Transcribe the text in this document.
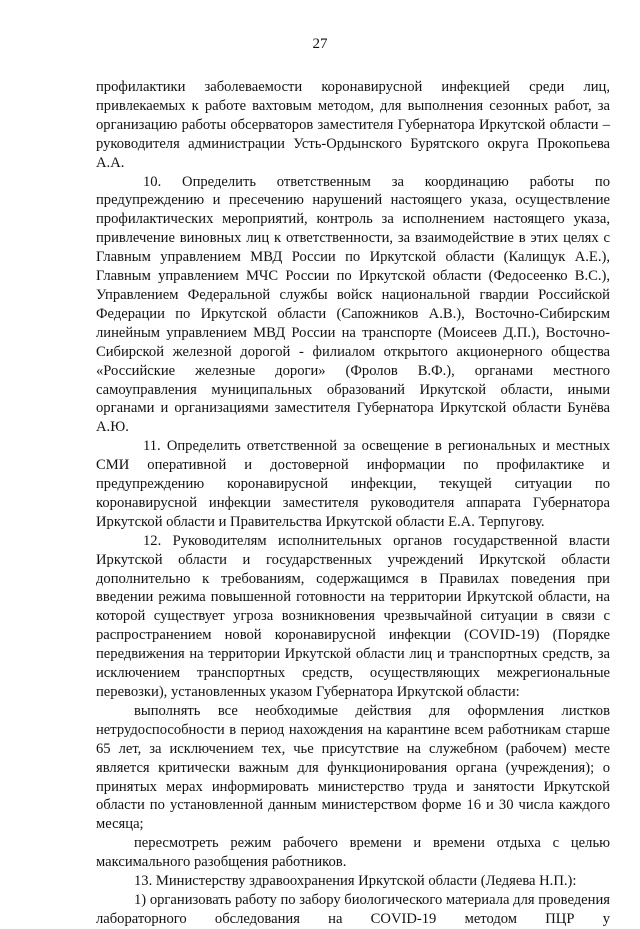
27

профилактики заболеваемости коронавирусной инфекцией среди лиц, привлекаемых к работе вахтовым методом, для выполнения сезонных работ, за организацию работы обсерваторов заместителя Губернатора Иркутской области – руководителя администрации Усть-Ордынского Бурятского округа Прокопьева А.А.

10. Определить ответственным за координацию работы по предупреждению и пресечению нарушений настоящего указа, осуществление профилактических мероприятий, контроль за исполнением настоящего указа, привлечение виновных лиц к ответственности, за взаимодействие в этих целях с Главным управлением МВД России по Иркутской области (Калищук А.Е.), Главным управлением МЧС России по Иркутской области (Федосеенко В.С.), Управлением Федеральной службы войск национальной гвардии Российской Федерации по Иркутской области (Сапожников А.В.), Восточно-Сибирским линейным управлением МВД России на транспорте (Моисеев Д.П.), Восточно-Сибирской железной дорогой - филиалом открытого акционерного общества «Российские железные дороги» (Фролов В.Ф.), органами местного самоуправления муниципальных образований Иркутской области, иными органами и организациями заместителя Губернатора Иркутской области Бунёва А.Ю.

11. Определить ответственной за освещение в региональных и местных СМИ оперативной и достоверной информации по профилактике и предупреждению коронавирусной инфекции, текущей ситуации по коронавирусной инфекции заместителя руководителя аппарата Губернатора Иркутской области и Правительства Иркутской области Е.А. Терпугову.

12. Руководителям исполнительных органов государственной власти Иркутской области и государственных учреждений Иркутской области дополнительно к требованиям, содержащимся в Правилах поведения при введении режима повышенной готовности на территории Иркутской области, на которой существует угроза возникновения чрезвычайной ситуации в связи с распространением новой коронавирусной инфекции (COVID-19) (Порядке передвижения на территории Иркутской области лиц и транспортных средств, за исключением транспортных средств, осуществляющих межрегиональные перевозки), установленных указом Губернатора Иркутской области:

выполнять все необходимые действия для оформления листков нетрудоспособности в период нахождения на карантине всем работникам старше 65 лет, за исключением тех, чье присутствие на служебном (рабочем) месте является критически важным для функционирования органа (учреждения); о принятых мерах информировать министерство труда и занятости Иркутской области по установленной данным министерством форме 16 и 30 числа каждого месяца;

пересмотреть режим рабочего времени и времени отдыха с целью максимального разобщения работников.

13. Министерству здравоохранения Иркутской области (Ледяева Н.П.):

1) организовать работу по забору биологического материала для проведения лабораторного обследования на COVID-19 методом ПЦР у
